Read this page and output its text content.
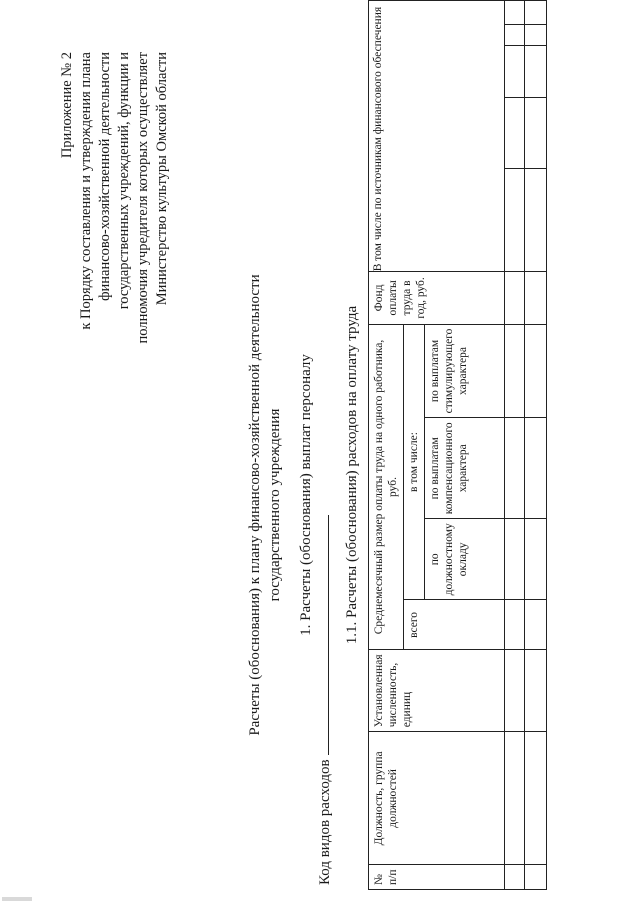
Приложение № 2 к Порядку составления и утверждения плана финансово-хозяйственной деятельности государственных учреждений, функции и полномочия учредителя которых осуществляет Министерство культуры Омской области
Расчеты (обоснования) к плану финансово-хозяйственной деятельности государственного учреждения 1. Расчеты (обоснования) выплат персоналу
Код видов расходов
1.1. Расчеты (обоснования) расходов на оплату труда
№ п/п	Должность, группа должностей	Установленная численность, единиц	Среднемесячный размер оплаты труда на одного работника, руб.				Фонд оплаты труда в год, руб.	В том числе по источникам финансового обеспечения				
			всего	в том числе:								
				по должностному окладу	по выплатам компенсационного характера	по выплатам стимулирующего характера						
